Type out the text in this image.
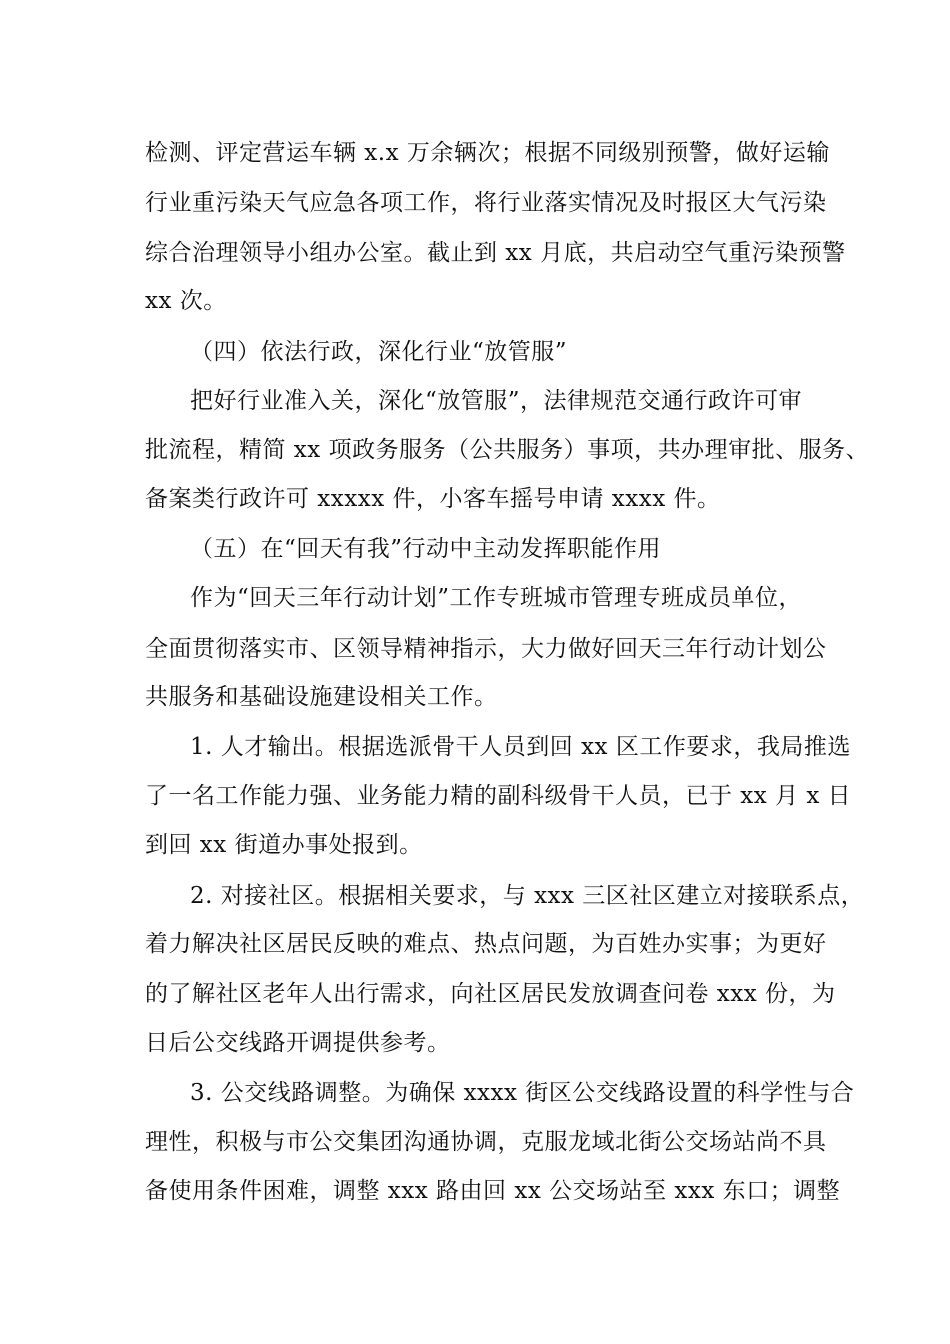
检测、评定营运车辆 x.x 万余辆次；根据不同级别预警，做好运输
行业重污染天气应急各项工作，将行业落实情况及时报区大气污染
综合治理领导小组办公室。截止到 xx 月底，共启动空气重污染预警
xx 次。
（四）依法行政，深化行业“放管服”
把好行业准入关，深化“放管服”，法律规范交通行政许可审
批流程，精简 xx 项政务服务（公共服务）事项，共办理审批、服务、
备案类行政许可 xxxxx 件，小客车摇号申请 xxxx 件。
（五）在“回天有我”行动中主动发挥职能作用
作为“回天三年行动计划”工作专班城市管理专班成员单位，
全面贯彻落实市、区领导精神指示，大力做好回天三年行动计划公
共服务和基础设施建设相关工作。
1. 人才输出。根据选派骨干人员到回 xx 区工作要求，我局推选
了一名工作能力强、业务能力精的副科级骨干人员，已于 xx 月 x 日
到回 xx 街道办事处报到。
2. 对接社区。根据相关要求，与 xxx 三区社区建立对接联系点，
着力解决社区居民反映的难点、热点问题，为百姓办实事；为更好
的了解社区老年人出行需求，向社区居民发放调查问卷 xxx 份，为
日后公交线路开调提供参考。
3. 公交线路调整。为确保 xxxx 街区公交线路设置的科学性与合
理性，积极与市公交集团沟通协调，克服龙域北街公交场站尚不具
备使用条件困难，调整 xxx 路由回 xx 公交场站至 xxx 东口；调整
